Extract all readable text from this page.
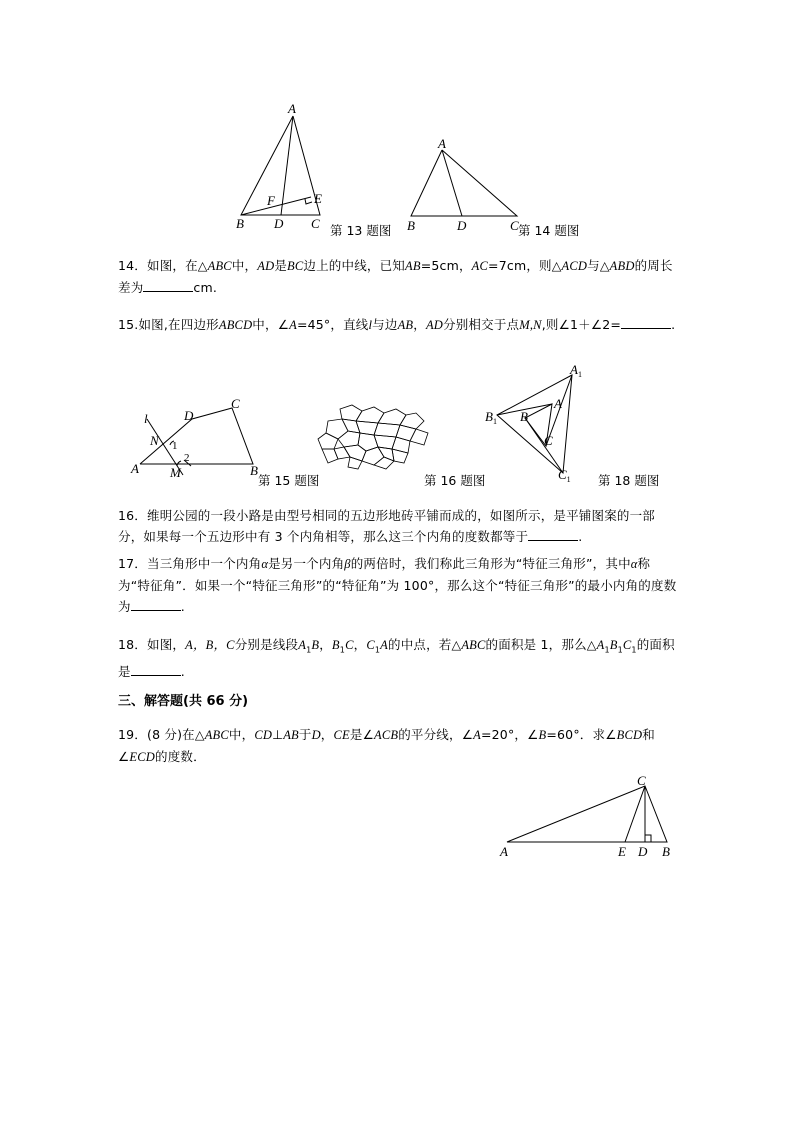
A
B	C
D
E
F
第 13 题图
A
B	C
D	第 14 题图
14．如图，在△ABC中，AD是BC边上的中线，已知AB=5cm，AC=7cm，则△ACD与△ABD的周长差为	cm.
15.如图,在四边形ABCD中，∠A=45°，直线l与边AB，AD分别相交于点M,N,则∠1＋∠2=	.
l	D
C
N 1
2
A M	B
第 15 题图	第 16 题图
$A_1$
$B_1$
$C_1$
A
B
C
第 18 题图
16．维明公园的一段小路是由型号相同的五边形地砖平铺而成的，如图所示，是平铺图案的一部分，如果每一个五边形中有 3 个内角相等，那么这三个内角的度数都等于	.
17．当三角形中一个内角α是另一个内角β的两倍时，我们称此三角形为“特征三角形”，其中α称为“特征角”．如果一个“特征三角形”的“特征角”为 100°，那么这个“特征三角形”的最小内角的度数为	.
18．如图，A，B，C分别是线段$A_1B$，$B_1C$，$C_1A$的中点，若△ABC的面积是 1，那么$\triangle A_1B_1C_1$的面积是	.
三、解答题(共 66 分)
19．(8 分)在△ABC中，CD⊥AB于D，CE是∠ACB的平分线，∠A=20°，∠B=60°．求∠BCD和∠ECD的度数．
C
A	E D B
